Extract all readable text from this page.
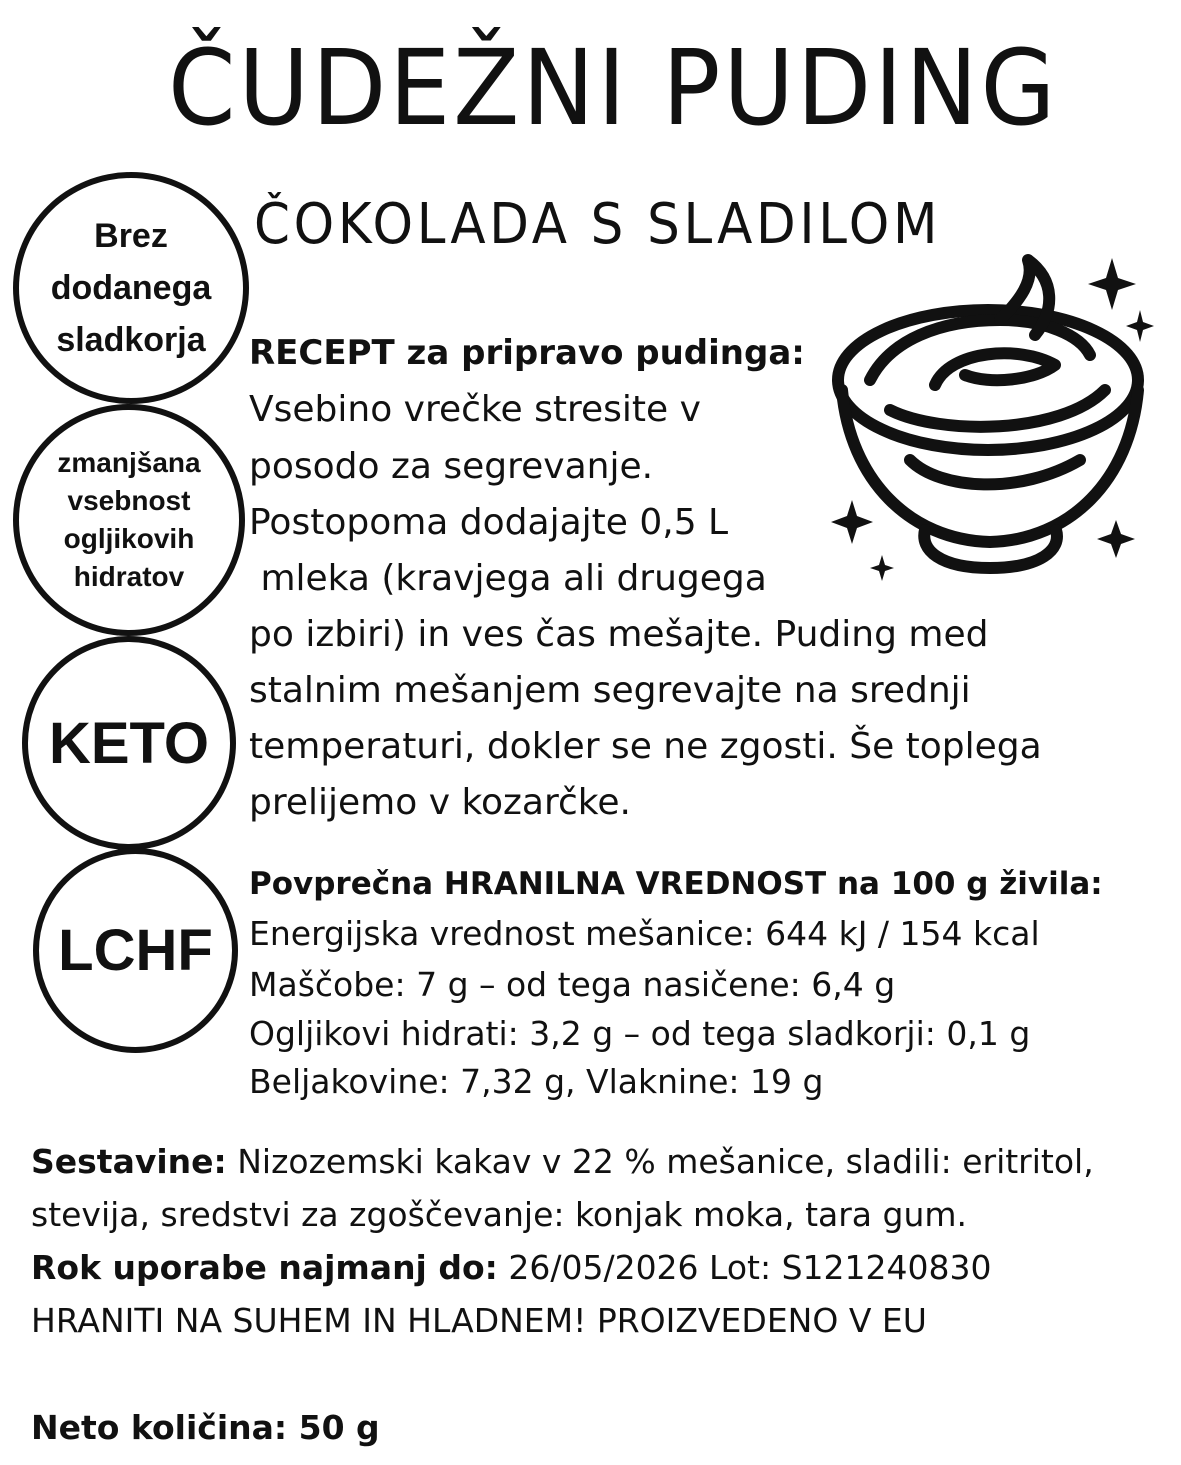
ČUDEŽNI PUDING
ČOKOLADA S SLADILOM
Brez
dodanega
sladkorja
zmanjšana
vsebnost
ogljikovih
hidratov
KETO
LCHF
RECEPT za pripravo pudinga:
Vsebino vrečke stresite v
posodo za segrevanje.
Postopoma dodajajte 0,5 L
mleka (kravjega ali drugega
po izbiri) in ves čas mešajte. Puding med
stalnim mešanjem segrevajte na srednji
temperaturi, dokler se ne zgosti. Še toplega
prelijemo v kozarčke.
Povprečna HRANILNA VREDNOST na 100 g živila:
Energijska vrednost mešanice: 644 kJ / 154 kcal
Maščobe: 7 g – od tega nasičene: 6,4 g
Ogljikovi hidrati: 3,2 g – od tega sladkorji: 0,1 g
Beljakovine: 7,32 g, Vlaknine: 19 g
Sestavine: Nizozemski kakav v 22 % mešanice, sladili: eritritol,
stevija, sredstvi za zgoščevanje: konjak moka, tara gum.
Rok uporabe najmanj do: 26/05/2026 Lot: S121240830
HRANITI NA SUHEM IN HLADNEM! PROIZVEDENO V EU
Neto količina: 50 g
